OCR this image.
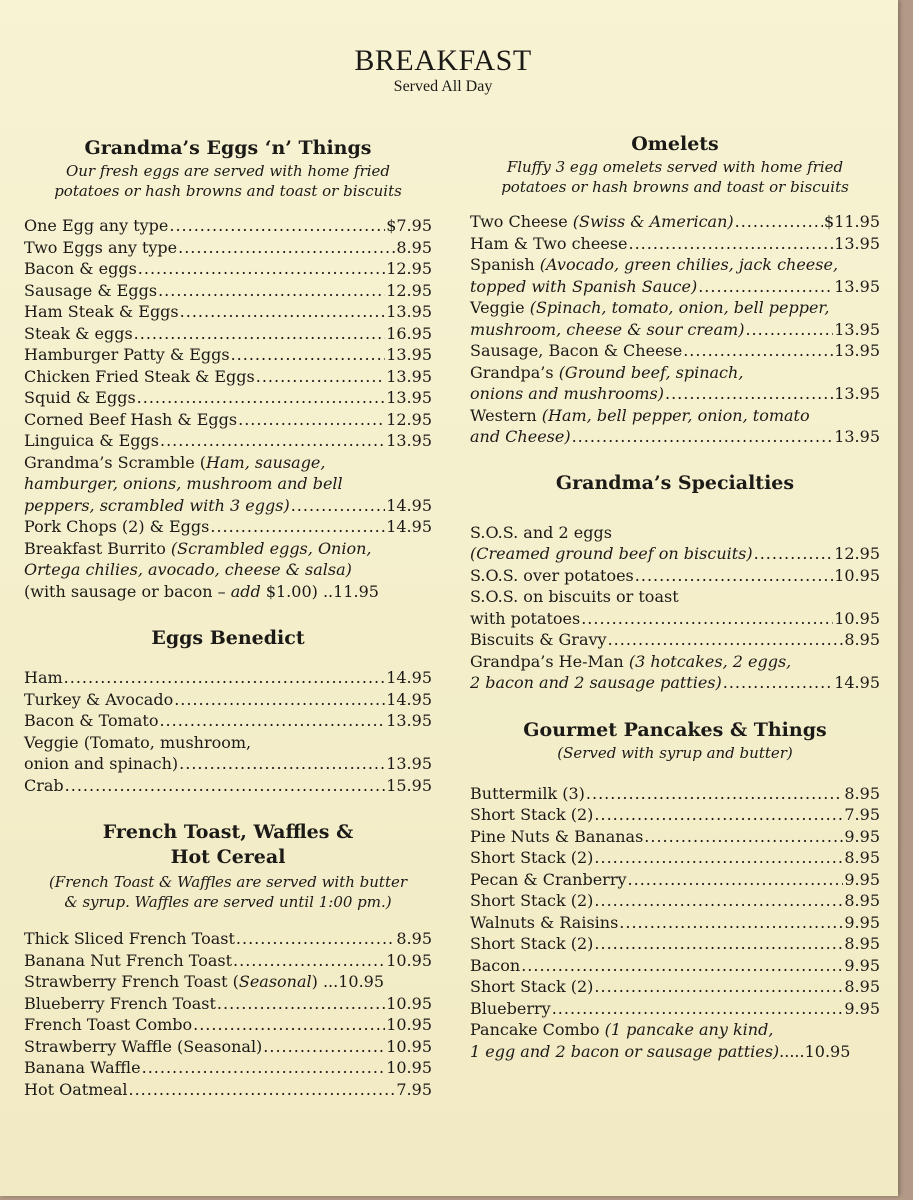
BREAKFAST
Served All Day
Grandma’s Eggs ‘n’ Things

Our fresh eggs are served with home fried
potatoes or hash browns and toast or biscuits

One Egg any type .....	$7.95
Two Eggs any type .....	8.95
Bacon & eggs .....	12.95
Sausage & Eggs .....	12.95
Ham Steak & Eggs .....	13.95
Steak & eggs .....	16.95
Hamburger Patty & Eggs .....	13.95
Chicken Fried Steak & Eggs .....	13.95
Squid & Eggs .....	13.95
Corned Beef Hash & Eggs .....	12.95
Linguica & Eggs .....	13.95
Grandma’s Scramble (Ham, sausage,
hamburger, onions, mushroom and bell
peppers, scrambled with 3 eggs) .....	14.95
Pork Chops (2) & Eggs .....	14.95
Breakfast Burrito (Scrambled eggs, Onion,
Ortega chilies, avocado, cheese & salsa)
(with sausage or bacon – add $1.00) ..11.95
Eggs Benedict
Ham .....	14.95
Turkey & Avocado .....	14.95
Bacon & Tomato .....	13.95
Veggie (Tomato, mushroom,
onion and spinach) .....	13.95
Crab .....	15.95
French Toast, Waffles &
Hot Cereal

(French Toast & Waffles are served with butter
& syrup. Waffles are served until 1:00 pm.)

Thick Sliced French Toast .....	8.95
Banana Nut French Toast .....	10.95
Strawberry French Toast (Seasonal) ... 10.95
Blueberry French Toast .....	10.95
French Toast Combo .....	10.95
Strawberry Waffle (Seasonal) .....	10.95
Banana Waffle .....	10.95
Hot Oatmeal .....	7.95
Omelets

Fluffy 3 egg omelets served with home fried
potatoes or hash browns and toast or biscuits

Two Cheese (Swiss & American) .....	$11.95
Ham & Two cheese .....	13.95
Spanish (Avocado, green chilies, jack cheese,
topped with Spanish Sauce) .....	13.95
Veggie (Spinach, tomato, onion, bell pepper,
mushroom, cheese & sour cream) .....	13.95
Sausage, Bacon & Cheese .....	13.95
Grandpa’s (Ground beef, spinach,
onions and mushrooms) .....	13.95
Western (Ham, bell pepper, onion, tomato
and Cheese) .....	13.95
Grandma’s Specialties
S.O.S. and 2 eggs
(Creamed ground beef on biscuits) .....	12.95
S.O.S. over potatoes .....	10.95
S.O.S. on biscuits or toast
with potatoes .....	10.95
Biscuits & Gravy .....	8.95
Grandpa’s He-Man (3 hotcakes, 2 eggs,
2 bacon and 2 sausage patties) .....	14.95
Gourmet Pancakes & Things

(Served with syrup and butter)

Buttermilk (3) .....	8.95
Short Stack (2) .....	7.95
Pine Nuts & Bananas .....	9.95
Short Stack (2) .....	8.95
Pecan & Cranberry .....	9.95
Short Stack (2) .....	8.95
Walnuts & Raisins .....	9.95
Short Stack (2) .....	8.95
Bacon .....	9.95
Short Stack (2) .....	8.95
Blueberry .....	9.95
Pancake Combo (1 pancake any kind,
1 egg and 2 bacon or sausage patties).....10.95
